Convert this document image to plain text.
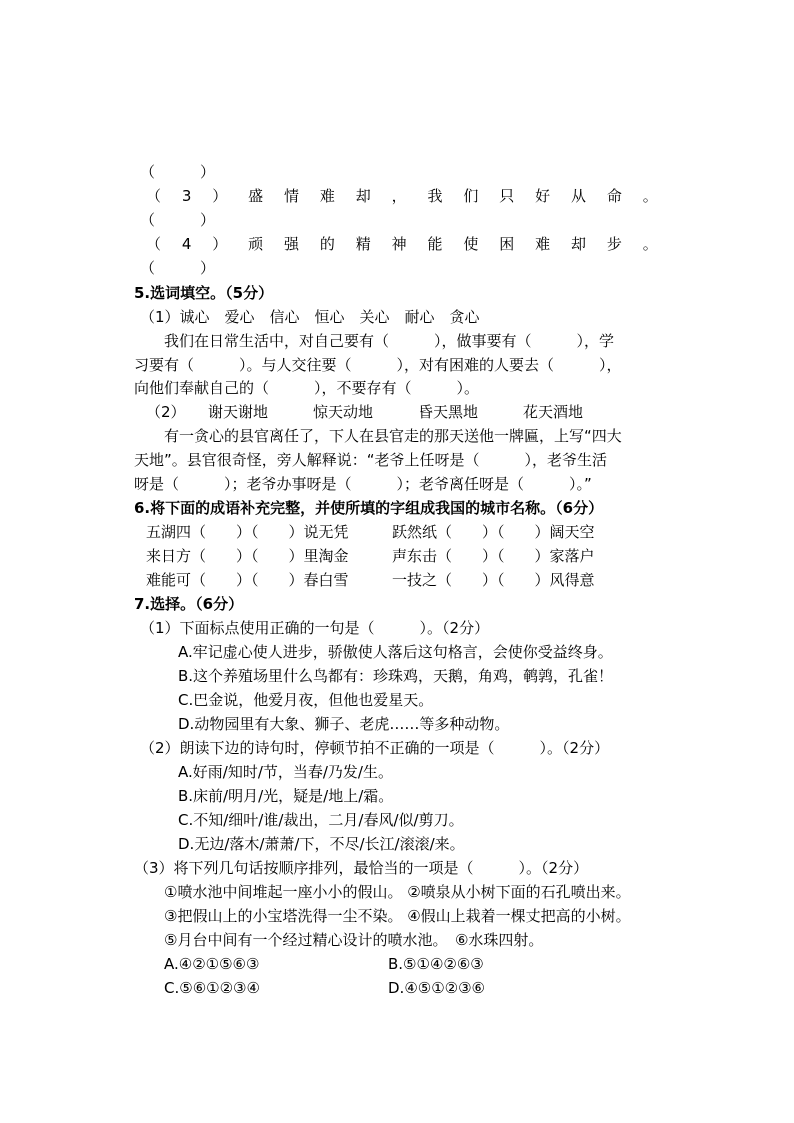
（　　　）
（ 3 ） 盛 情 难 却 ， 我 们 只 好 从 命 。
（　　　）
（ 4 ） 顽 强 的 精 神 能 使 困 难 却 步 。
（　　　）
5.选词填空。（5分）
（1）诚心　爱心　信心　恒心　关心　耐心　贪心
我们在日常生活中，对自己要有（　　　），做事要有（　　　），学
习要有（　　　）。与人交往要（　　　），对有困难的人要去（　　　），
向他们奉献自己的（　　　），不要存有（　　　）。
（2）　　谢天谢地　　　惊天动地　　　昏天黑地　　　花天酒地
有一贪心的县官离任了，下人在县官走的那天送他一牌匾，上写“四大
天地”。县官很奇怪，旁人解释说：“老爷上任呀是（　　　），老爷生活
呀是（　　　）；老爷办事呀是（　　　）；老爷离任呀是（　　　）。”
6.将下面的成语补充完整，并使所填的字组成我国的城市名称。（6分）
五湖四（　　）（　　）说无凭	跃然纸（　　）（　　）阔天空
来日方（　　）（　　）里淘金	声东击（　　）（　　）家落户
难能可（　　）（　　）春白雪	一技之（　　）（　　）风得意
7.选择。（6分）
（1）下面标点使用正确的一句是（　　　）。（2分）
A.牢记虚心使人进步，骄傲使人落后这句格言，会使你受益终身。
B.这个养殖场里什么鸟都有：珍珠鸡，天鹅，角鸡，鹌鹑，孔雀！
C.巴金说，他爱月夜，但他也爱星天。
D.动物园里有大象、狮子、老虎……等多种动物。
（2）朗读下边的诗句时，停顿节拍不正确的一项是（　　　）。（2分）
A.好雨/知时/节，当春/乃发/生。
B.床前/明月/光，疑是/地上/霜。
C.不知/细叶/谁/裁出，二月/春风/似/剪刀。
D.无边/落木/萧萧/下，不尽/长江/滚滚/来。
（3）将下列几句话按顺序排列，最恰当的一项是（　　　）。（2分）
①喷水池中间堆起一座小小的假山。 ②喷泉从小树下面的石孔喷出来。
③把假山上的小宝塔洗得一尘不染。 ④假山上栽着一棵丈把高的小树。
⑤月台中间有一个经过精心设计的喷水池。　⑥水珠四射。
A.④②①⑤⑥③	B.⑤①④②⑥③
C.⑤⑥①②③④	D.④⑤①②③⑥
